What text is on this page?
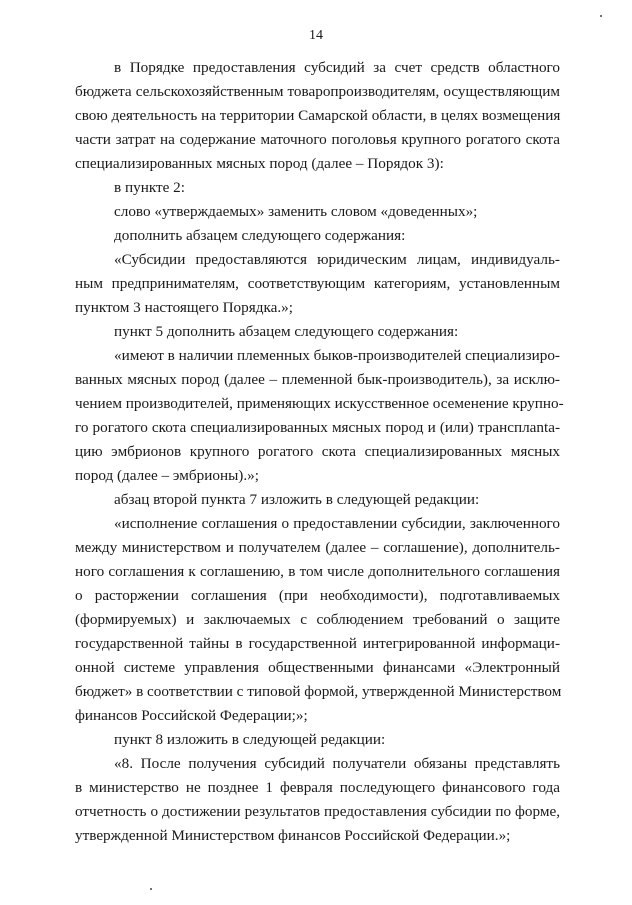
14
в Порядке предоставления субсидий за счет средств областного
бюджета сельскохозяйственным товаропроизводителям, осуществляющим
свою деятельность на территории Самарской области, в целях возмещения
части затрат на содержание маточного поголовья крупного рогатого скота
специализированных мясных пород (далее – Порядок 3):
в пункте 2:
слово «утверждаемых» заменить словом «доведенных»;
дополнить абзацем следующего содержания:
«Субсидии предоставляются юридическим лицам, индивидуаль-
ным предпринимателям, соответствующим категориям, установленным
пунктом 3 настоящего Порядка.»;
пункт 5 дополнить абзацем следующего содержания:
«имеют в наличии племенных быков-производителей специализиро-
ванных мясных пород (далее – племенной бык-производитель), за исклю-
чением производителей, применяющих искусственное осеменение крупно-
го рогатого скота специализированных мясных пород и (или) трансплanta-
цию эмбрионов крупного рогатого скота специализированных мясных
пород (далее – эмбрионы).»;
абзац второй пункта 7 изложить в следующей редакции:
«исполнение соглашения о предоставлении субсидии, заключенного
между министерством и получателем (далее – соглашение), дополнитель-
ного соглашения к соглашению, в том числе дополнительного соглашения
о расторжении соглашения (при необходимости), подготавливаемых
(формируемых) и заключаемых с соблюдением требований о защите
государственной тайны в государственной интегрированной информаци-
онной системе управления общественными финансами «Электронный
бюджет» в соответствии с типовой формой, утвержденной Министерством
финансов Российской Федерации;»;
пункт 8 изложить в следующей редакции:
«8. После получения субсидий получатели обязаны представлять
в министерство не позднее 1 февраля последующего финансового года
отчетность о достижении результатов предоставления субсидии по форме,
утвержденной Министерством финансов Российской Федерации.»;
